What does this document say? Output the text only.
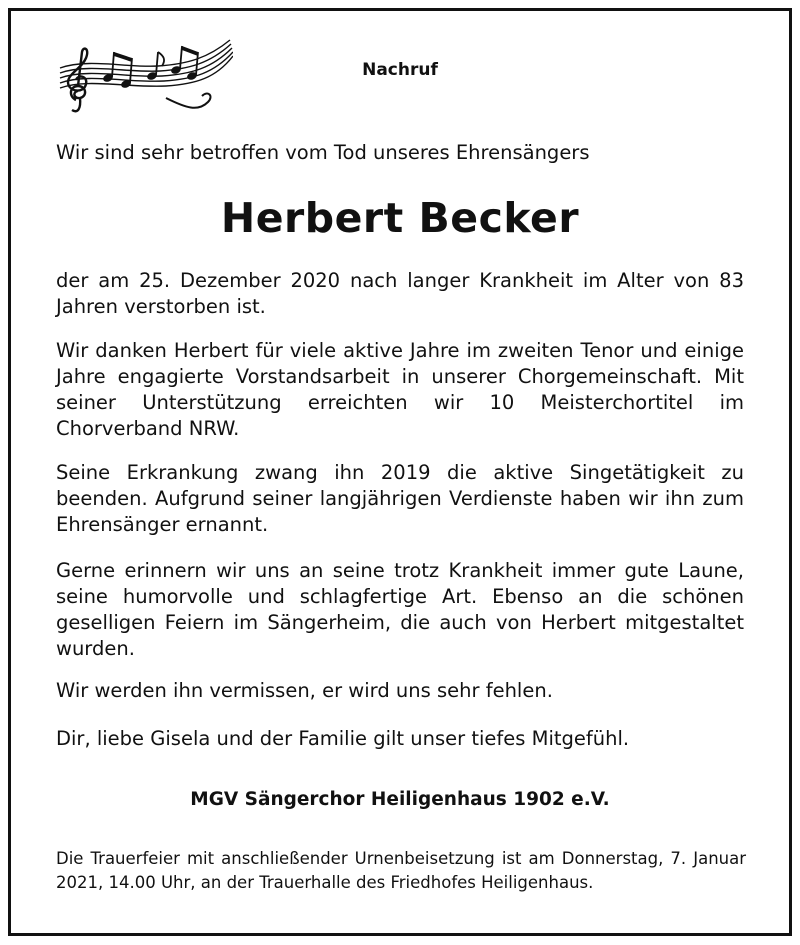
Nachruf
Wir sind sehr betroffen vom Tod unseres Ehrensängers
Herbert Becker
der am 25. Dezember 2020 nach langer Krankheit im Alter von 83 Jahren verstorben ist.
Wir danken Herbert für viele aktive Jahre im zweiten Tenor und einige Jahre engagierte Vorstandsarbeit in unserer Chorgemeinschaft. Mit seiner Unterstützung erreichten wir 10 Meisterchortitel im Chorverband NRW.
Seine Erkrankung zwang ihn 2019 die aktive Singetätigkeit zu beenden. Aufgrund seiner langjährigen Verdienste haben wir ihn zum Ehrensänger ernannt.
Gerne erinnern wir uns an seine trotz Krankheit immer gute Laune, seine humorvolle und schlagfertige Art. Ebenso an die schönen geselligen Feiern im Sängerheim, die auch von Herbert mitgestaltet wurden.
Wir werden ihn vermissen, er wird uns sehr fehlen.
Dir, liebe Gisela und der Familie gilt unser tiefes Mitgefühl.
MGV Sängerchor Heiligenhaus 1902 e.V.
Die Trauerfeier mit anschließender Urnenbeisetzung ist am Donnerstag, 7. Januar 2021, 14.00 Uhr, an der Trauerhalle des Friedhofes Heiligenhaus.
